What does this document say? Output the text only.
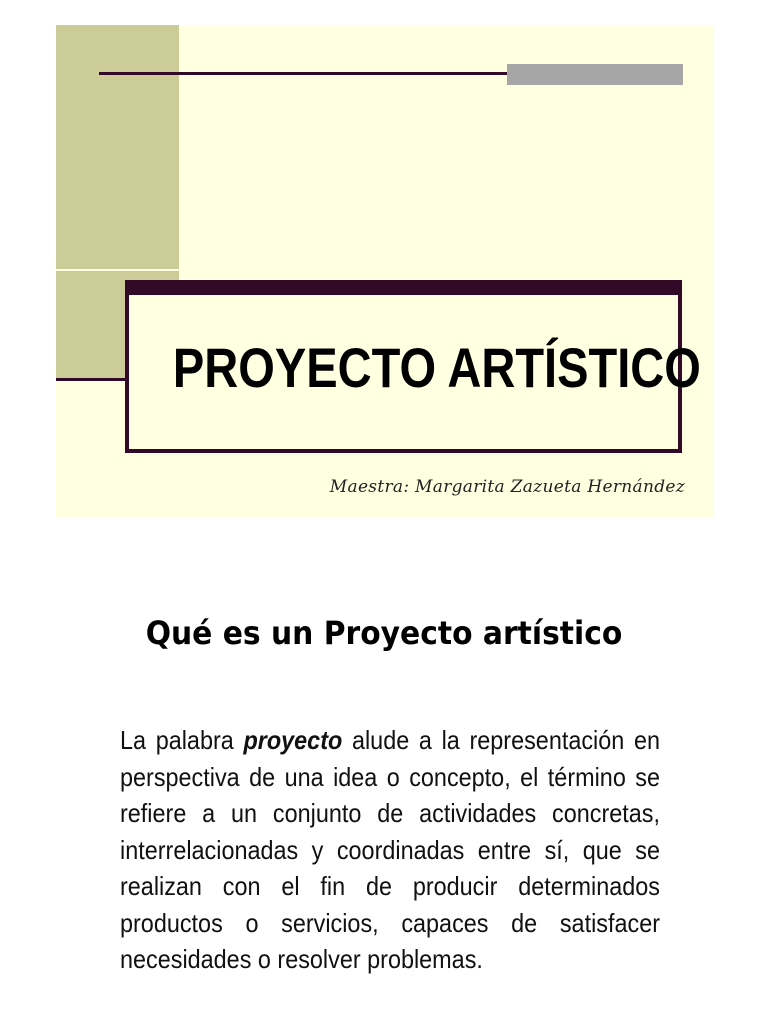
PROYECTO ARTÍSTICO
Maestra: Margarita Zazueta Hernández
Qué es un Proyecto artístico
La palabra proyecto alude a la representación en perspectiva de una idea o concepto, el término se refiere a un conjunto de actividades concretas, interrelacionadas y coordinadas entre sí, que se realizan con el fin de producir determinados productos o servicios, capaces de satisfacer necesidades o resolver problemas.
